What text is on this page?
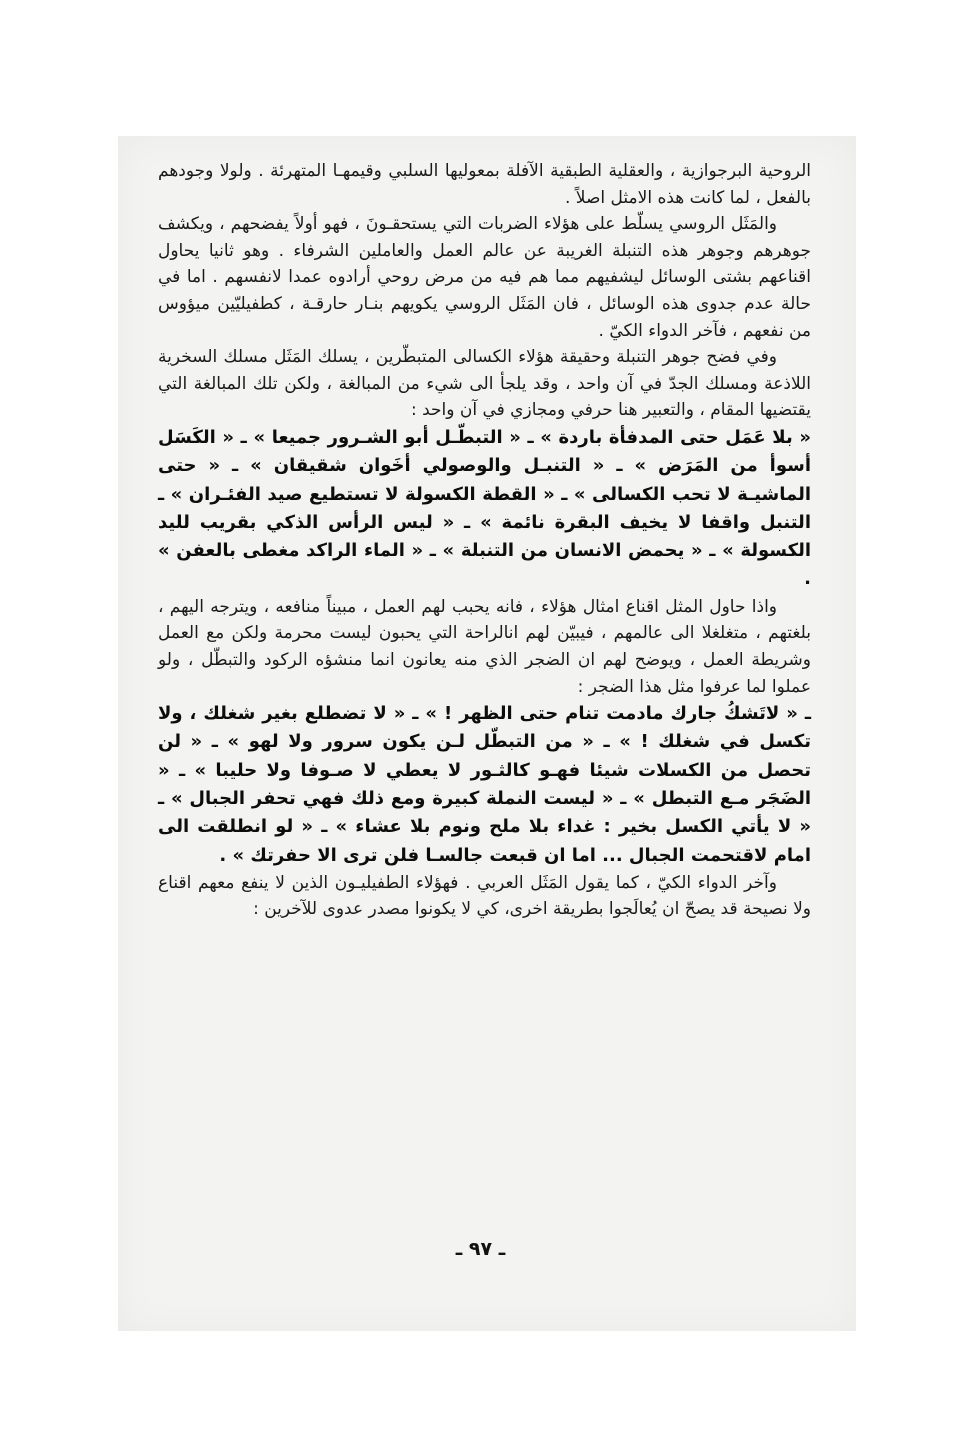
الروحية البرجوازية ، والعقلية الطبقية الآفلة بمعوليها السلبي وقيمهـا المتهرئة . ولولا وجودهم بالفعل ، لما كانت هذه الامثل اصلاً .

والمَثَل الروسي يسلّط على هؤلاء الضربات التي يستحقـونَ ، فهو أولاً يفضحهم ، ويكشف جوهرهم وجوهر هذه التنبلة الغريبة عن عالم العمل والعاملين الشرفاء . وهو ثانيا يحاول اقناعهم بشتى الوسائل ليشفيهم مما هم فيه من مرض روحي أرادوه عمدا لانفسهم . اما في حالة عدم جدوى هذه الوسائل ، فان المَثَل الروسي يكويهم بنـار حارقـة ، كطفيليّين ميؤوس من نفعهم ، فآخر الدواء الكيّ .

وفي فضح جوهر التنبلة وحقيقة هؤلاء الكسالى المتبطّرين ، يسلك المَثَل مسلك السخرية اللاذعة ومسلك الجدّ في آن واحد ، وقد يلجأ الى شيء من المبالغة ، ولكن تلك المبالغة التي يقتضيها المقام ، والتعبير هنا حرفي ومجازي في آن واحد :

« بلا عَمَل حتى المدفأة باردة » ـ « التبطّـل أبو الشـرور جميعا » ـ « الكَسَل أسوأ من المَرَض » ـ « التنبـل والوصولي أخَوان شقيقان » ـ « حتى الماشيـة لا تحب الكسالى » ـ « القطة الكسولة لا تستطيع صيد الفئـران » ـ التنبل واقفا لا يخيف البقرة نائمة » ـ « ليس الرأس الذكي بقريب لليد الكسولة » ـ « يحمض الانسان من التنبلة » ـ « الماء الراكد مغطى بالعفن » .

واذا حاول المثل اقناع امثال هؤلاء ، فانه يحبب لهم العمل ، مبيناً منافعه ، ويترجه اليهم ، بلغتهم ، متغلغلا الى عالمهم ، فيبيّن لهم انالراحة التي يحبون ليست محرمة ولكن مع العمل وشريطة العمل ، ويوضح لهم ان الضجر الذي منه يعانون انما منشؤه الركود والتبطّل ، ولو عملوا لما عرفوا مثل هذا الضجر :

ـ « لاتَشكُ جارك مادمت تنام حتى الظهر ! » ـ « لا تضطلع بغير شغلك ، ولا تكسل في شغلك ! » ـ « من التبطّل لـن يكون سرور ولا لهو » ـ « لن تحصل من الكسلات شيئا فهـو كالثـور لا يعطي لا صـوفا ولا حليبا » ـ « الضَجَر مـع التبطل » ـ « ليست النملة كبيرة ومع ذلك فهي تحفر الجبال » ـ « لا يأتي الكسل بخير : غداء بلا ملح ونوم بلا عشاء » ـ « لو انطلقت الى امام لاقتحمت الجبال ... اما ان قبعت جالسـا فلن ترى الا حفرتك » .

وآخر الدواء الكيّ ، كما يقول المَثَل العربي . فهؤلاء الطفيليـون الذين لا ينفع معهم اقناع ولا نصيحة قد يصحّ ان يُعالَجوا بطريقة اخرى، كي لا يكونوا مصدر عدوى للآخرين :

ـ ٩٧ ـ
